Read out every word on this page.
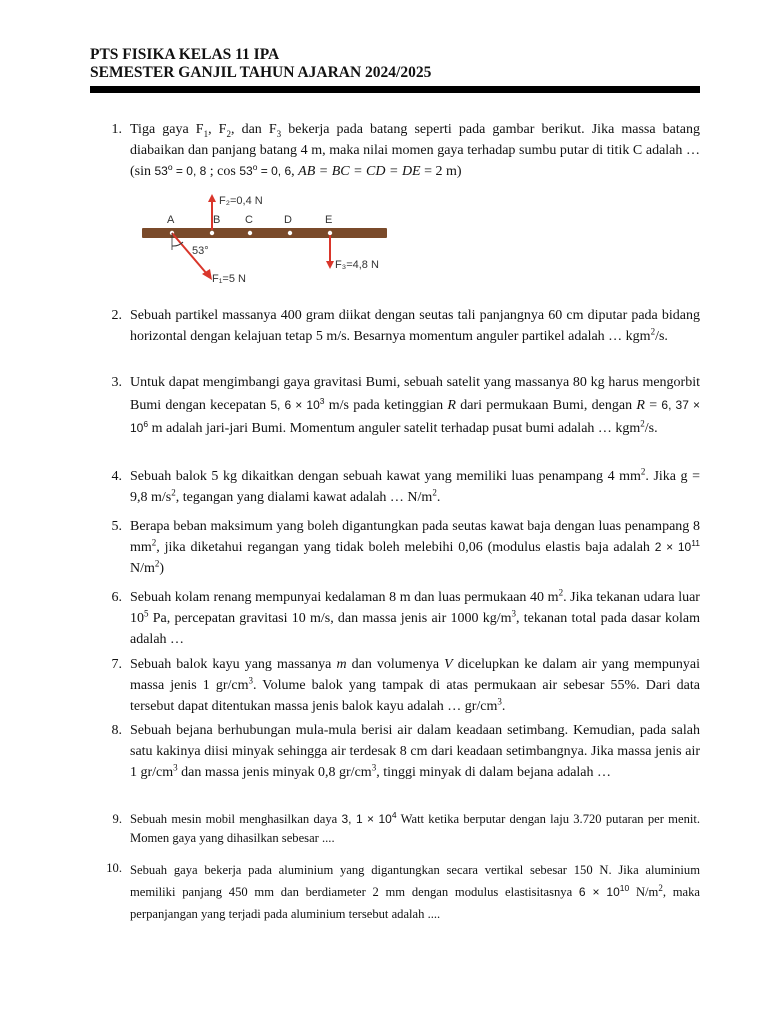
PTS FISIKA KELAS 11 IPA
SEMESTER GANJIL TAHUN AJARAN 2024/2025
1. Tiga gaya $F_1$, $F_2$, dan $F_3$ bekerja pada batang seperti pada gambar berikut. Jika massa batang diabaikan dan panjang batang 4 m, maka nilai momen gaya terhadap sumbu putar di titik C adalah … (sin $53^o = 0$, 8 ; $\cos 53^o = 0$, 6, AB = BC = CD = DE = 2 m)
A	B C	D	E
F₂=0,4 N
53°
F₁=5 N
F₃=4,8 N
2. Sebuah partikel massanya 400 gram diikat dengan seutas tali panjangnya 60 cm diputar pada bidang horizontal dengan kelajuan tetap 5 m/s. Besarnya momentum anguler partikel adalah … kgm$^2$/s.
3. Untuk dapat mengimbangi gaya gravitasi Bumi, sebuah satelit yang massanya 80 kg harus mengorbit Bumi dengan kecepatan 5, $6 \times 10^3$ m/s pada ketinggian R dari permukaan Bumi, dengan R = 6, $37 \times 10^6$ m adalah jari-jari Bumi. Momentum anguler satelit terhadap pusat bumi adalah … kgm$^2$/s.
4. Sebuah balok 5 kg dikaitkan dengan sebuah kawat yang memiliki luas penampang 4 $mm^2$. Jika g = 9,8 $m/s^2$, tegangan yang dialami kawat adalah … $N/m^2$.
5. Berapa beban maksimum yang boleh digantungkan pada seutas kawat baja dengan luas penampang 8 $mm^2$, jika diketahui regangan yang tidak boleh melebihi 0,06 (modulus elastis baja adalah $2 \times 10^{11}$ $N/m^2$)
6. Sebuah kolam renang mempunyai kedalaman 8 m dan luas permukaan 40 $m^2$. Jika tekanan udara luar $10^5$ Pa, percepatan gravitasi 10 m/s, dan massa jenis air 1000 $kg/m^3$, tekanan total pada dasar kolam adalah …
7. Sebuah balok kayu yang massanya m dan volumenya V dicelupkan ke dalam air yang mempunyai massa jenis 1 $gr/cm^3$. Volume balok yang tampak di atas permukaan air sebesar 55%. Dari data tersebut dapat ditentukan massa jenis balok kayu adalah … $gr/cm^3$.
8. Sebuah bejana berhubungan mula-mula berisi air dalam keadaan setimbang. Kemudian, pada salah satu kakinya diisi minyak sehingga air terdesak 8 cm dari keadaan setimbangnya. Jika massa jenis air 1 $gr/cm^3$ dan massa jenis minyak 0,8 $gr/cm^3$, tinggi minyak di dalam bejana adalah …
9. Sebuah mesin mobil menghasilkan daya 3, $1 \times 10^4$ Watt ketika berputar dengan laju 3.720 putaran per menit. Momen gaya yang dihasilkan sebesar ....
10. Sebuah gaya bekerja pada aluminium yang digantungkan secara vertikal sebesar 150 N. Jika aluminium memiliki panjang 450 mm dan berdiameter 2 mm dengan modulus elastisitasnya $6 \times 10^{10}$ $N/m^2$, maka perpanjangan yang terjadi pada aluminium tersebut adalah ....
